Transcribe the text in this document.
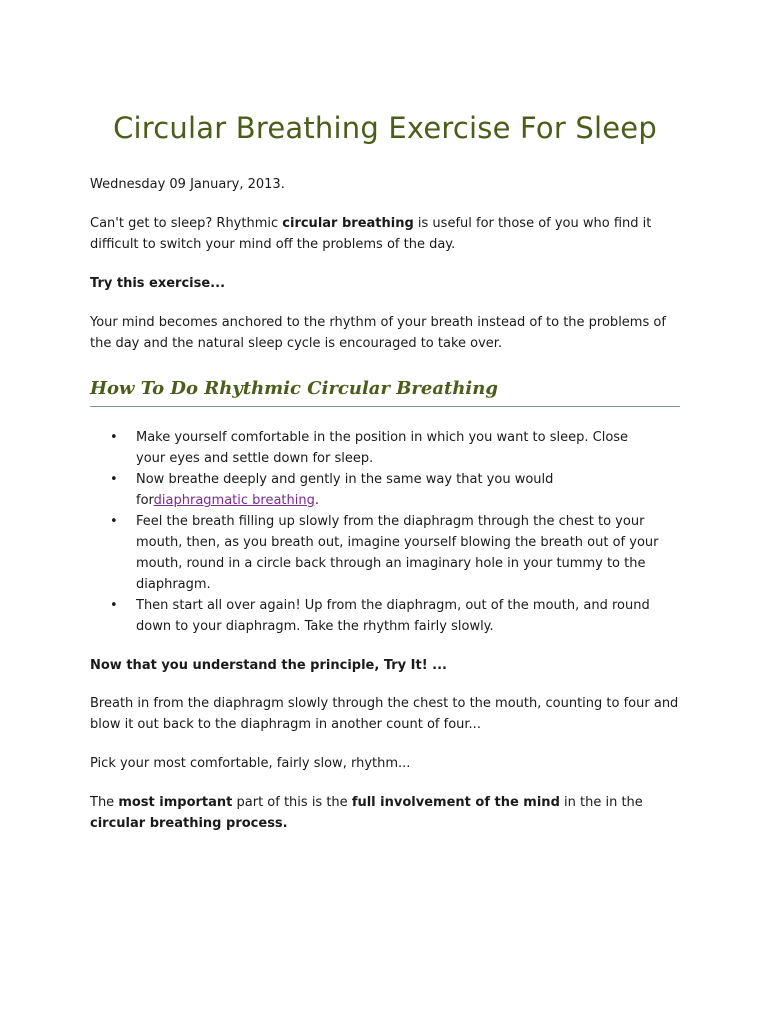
Circular Breathing Exercise For Sleep

Wednesday 09 January, 2013.

Can't get to sleep? Rhythmic circular breathing is useful for those of you who find it difficult to switch your mind off the problems of the day.

Try this exercise...

Your mind becomes anchored to the rhythm of your breath instead of to the problems of the day and the natural sleep cycle is encouraged to take over.

How To Do Rhythmic Circular Breathing
• Make yourself comfortable in the position in which you want to sleep. Close your eyes and settle down for sleep.
• Now breathe deeply and gently in the same way that you would fordiaphragmatic breathing.
• Feel the breath filling up slowly from the diaphragm through the chest to your mouth, then, as you breath out, imagine yourself blowing the breath out of your mouth, round in a circle back through an imaginary hole in your tummy to the diaphragm.
• Then start all over again! Up from the diaphragm, out of the mouth, and round down to your diaphragm. Take the rhythm fairly slowly.

Now that you understand the principle, Try It! ...

Breath in from the diaphragm slowly through the chest to the mouth, counting to four and blow it out back to the diaphragm in another count of four...

Pick your most comfortable, fairly slow, rhythm...

The most important part of this is the full involvement of the mind in the in the circular breathing process.
